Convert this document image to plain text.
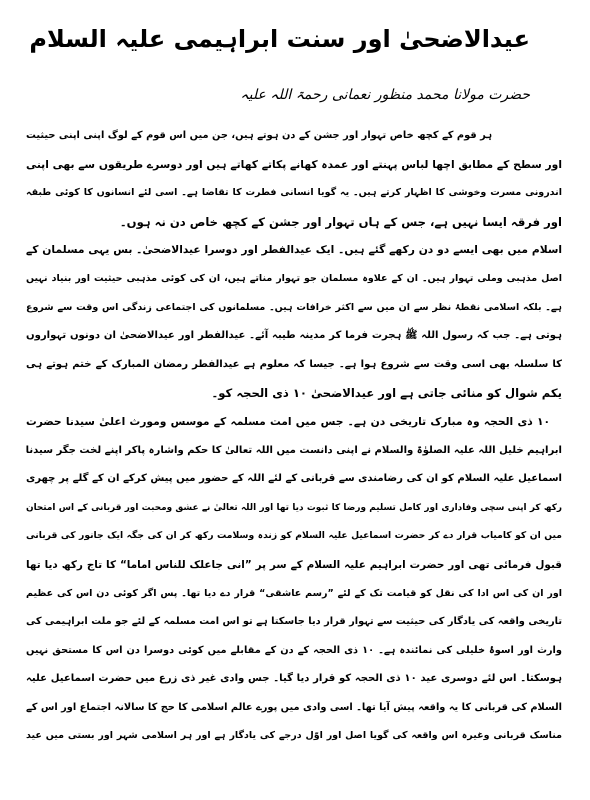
عیدالاضحیٰ اور سنت ابراہیمی علیہ السلام
حضرت مولانا محمد منظور نعمانی رحمۃ اللہ علیہ
ہر قوم کے کچھ خاص تہوار اور جشن کے دن ہوتے ہیں، جن میں اس قوم کے لوگ اپنی اپنی حیثیت
اور سطح کے مطابق اچھا لباس پہنتے اور عمدہ کھانے پکاتے کھاتے ہیں اور دوسرے طریقوں سے بھی اپنی
اندرونی مسرت وخوشی کا اظہار کرتے ہیں۔ یہ گویا انسانی فطرت کا تقاضا ہے۔ اسی لئے انسانوں کا کوئی طبقہ
اور فرقہ ایسا نہیں ہے، جس کے ہاں تہوار اور جشن کے کچھ خاص دن نہ ہوں۔
اسلام میں بھی ایسے دو دن رکھے گئے ہیں۔ ایک عیدالفطر اور دوسرا عیدالاضحیٰ۔ بس یہی مسلمان کے
اصل مذہبی وملی تہوار ہیں۔ ان کے علاوہ مسلمان جو تہوار مناتے ہیں، ان کی کوئی مذہبی حیثیت اور بنیاد نہیں
ہے۔ بلکہ اسلامی نقطۂ نظر سے ان میں سے اکثر خرافات ہیں۔ مسلمانوں کی اجتماعی زندگی اس وقت سے شروع
ہوتی ہے۔ جب کہ رسول اللہ ﷺ ہجرت فرما کر مدینہ طیبہ آئے۔ عیدالفطر اور عیدالاضحیٰ ان دونوں تہواروں
کا سلسلہ بھی اسی وقت سے شروع ہوا ہے۔ جیسا کہ معلوم ہے عیدالفطر رمضان المبارک کے ختم ہوتے ہی
یکم شوال کو منائی جاتی ہے اور عیدالاضحیٰ ۱۰ ذی الحجہ کو۔
۱۰ ذی الحجہ وہ مبارک تاریخی دن ہے۔ جس میں امت مسلمہ کے موسس ومورث اعلیٰ سیدنا حضرت
ابراہیم خلیل اللہ علیہ الصلوٰۃ والسلام نے اپنی دانست میں اللہ تعالیٰ کا حکم واشارہ پاکر اپنے لخت جگر سیدنا
اسماعیل علیہ السلام کو ان کی رضامندی سے قربانی کے لئے اللہ کے حضور میں پیش کرکے ان کے گلے پر چھری
رکھ کر اپنی سچی وفاداری اور کامل تسلیم ورضا کا ثبوت دیا تھا اور اللہ تعالیٰ نے عشق ومحبت اور قربانی کے اس امتحان
میں ان کو کامیاب قرار دے کر حضرت اسماعیل علیہ السلام کو زندہ وسلامت رکھ کر ان کی جگہ ایک جانور کی قربانی
قبول فرمائی تھی اور حضرت ابراہیم علیہ السلام کے سر پر ”انی جاعلک للناس اماما“ کا تاج رکھ دیا تھا
اور ان کی اس ادا کی نقل کو قیامت تک کے لئے ”رسم عاشقی“ قرار دے دیا تھا۔ پس اگر کوئی دن اس کی عظیم
تاریخی واقعہ کی یادگار کی حیثیت سے تہوار قرار دیا جاسکتا ہے تو اس امت مسلمہ کے لئے جو ملت ابراہیمی کی
وارث اور اسوۂ خلیلی کی نمائندہ ہے۔ ۱۰ ذی الحجہ کے دن کے مقابلے میں کوئی دوسرا دن اس کا مستحق نہیں
ہوسکتا۔ اس لئے دوسری عید ۱۰ ذی الحجہ کو قرار دیا گیا۔ جس وادی غیر ذی زرع میں حضرت اسماعیل علیہ
السلام کی قربانی کا یہ واقعہ پیش آیا تھا۔ اسی وادی میں پورے عالم اسلامی کا حج کا سالانہ اجتماع اور اس کے
مناسک قربانی وغیرہ اس واقعہ کی گویا اصل اور اوّل درجے کی یادگار ہے اور ہر اسلامی شہر اور بستی میں عید
